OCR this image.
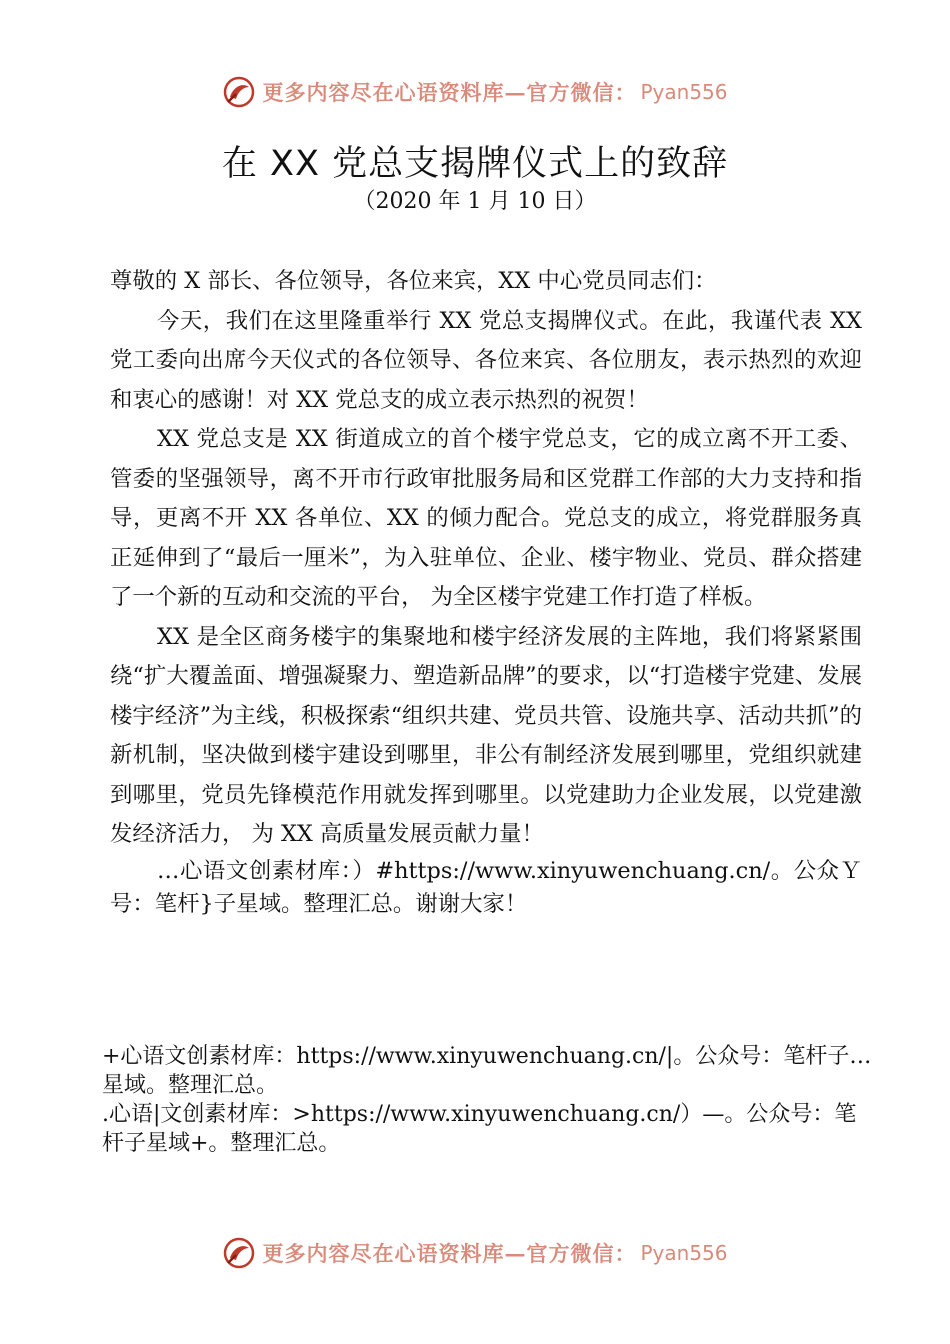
更多内容尽在心语资料库—官方微信： Pyan556
在 XX 党总支揭牌仪式上的致辞
（2020 年 1 月 10 日）

尊敬的 X 部长、各位领导，各位来宾，XX 中心党员同志们：

今天，我们在这里隆重举行 XX 党总支揭牌仪式。在此，我谨代表 XX 党工委向出席今天仪式的各位领导、各位来宾、各位朋友，表示热烈的欢迎和衷心的感谢！对 XX 党总支的成立表示热烈的祝贺！

XX 党总支是 XX 街道成立的首个楼宇党总支，它的成立离不开工委、管委的坚强领导，离不开市行政审批服务局和区党群工作部的大力支持和指导，更离不开 XX 各单位、XX 的倾力配合。党总支的成立，将党群服务真正延伸到了“最后一厘米”，为入驻单位、企业、楼宇物业、党员、群众搭建了一个新的互动和交流的平台， 为全区楼宇党建工作打造了样板。

XX 是全区商务楼宇的集聚地和楼宇经济发展的主阵地，我们将紧紧围绕“扩大覆盖面、增强凝聚力、塑造新品牌”的要求，以“打造楼宇党建、发展楼宇经济”为主线，积极探索“组织共建、党员共管、设施共享、活动共抓”的新机制，坚决做到楼宇建设到哪里，非公有制经济发展到哪里，党组织就建到哪里，党员先锋模范作用就发挥到哪里。以党建助力企业发展，以党建激发经济活力， 为 XX 高质量发展贡献力量！

…心语文创素材库：）#https://www.xinyuwenchuang.cn/。公众Ｙ号：笔杆}子星域。整理汇总。谢谢大家！

+心语文创素材库：https://www.xinyuwenchuang.cn/|。公众号：笔杆子…星域。整理汇总。

.心语|文创素材库：>https://www.xinyuwenchuang.cn/）—。公众号：笔杆子星域+。整理汇总。

更多内容尽在心语资料库—官方微信： Pyan556
